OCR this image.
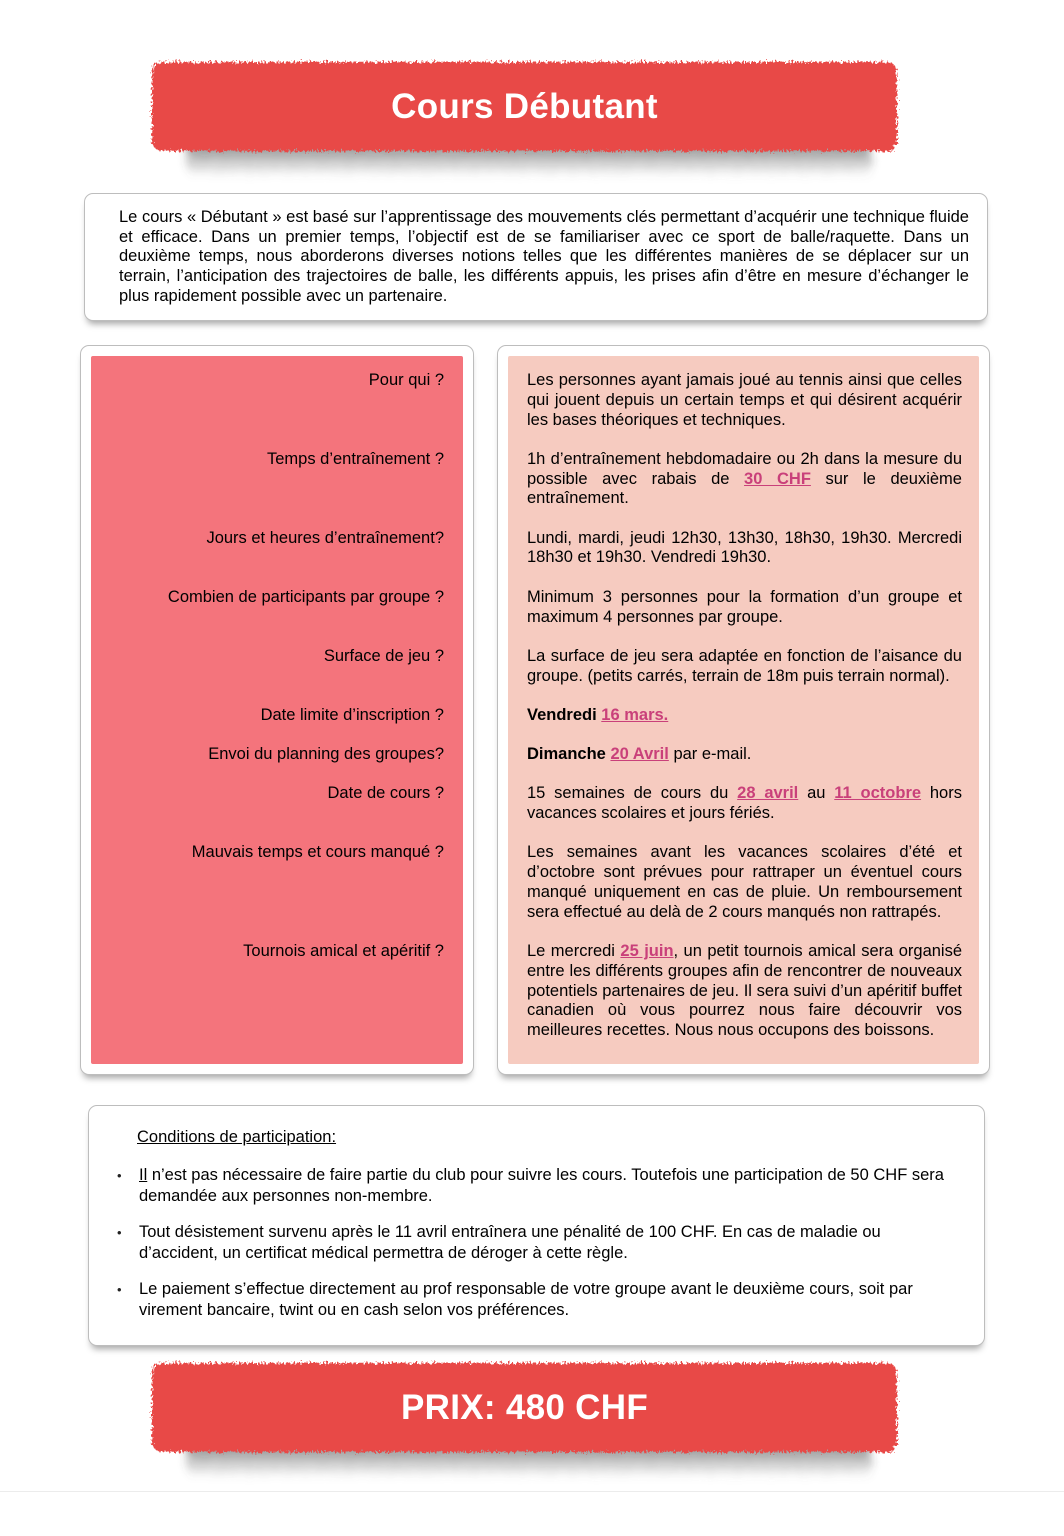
Cours Débutant

Le cours « Débutant » est basé sur l’apprentissage des mouvements clés permettant d’acquérir une technique fluide et efficace. Dans un premier temps, l’objectif est de se familiariser avec ce sport de balle/raquette. Dans un deuxième temps, nous aborderons diverses notions telles que les différentes manières de se déplacer sur un terrain, l’anticipation des trajectoires de balle, les différents appuis, les prises afin d’être en mesure d’échanger le plus rapidement possible avec un partenaire.

Pour qui ?	Les personnes ayant jamais joué au tennis ainsi que celles qui jouent depuis un certain temps et qui désirent acquérir les bases théoriques et techniques.
Temps d’entraînement ?	1h d’entraînement hebdomadaire ou 2h dans la mesure du possible avec rabais de 30 CHF sur le deuxième entraînement.
Jours et heures d’entraînement?	Lundi, mardi, jeudi 12h30, 13h30, 18h30, 19h30. Mercredi 18h30 et 19h30. Vendredi 19h30.
Combien de participants par groupe ?	Minimum 3 personnes pour la formation d’un groupe et maximum 4 personnes par groupe.
Surface de jeu ?	La surface de jeu sera adaptée en fonction de l’aisance du groupe. (petits carrés, terrain de 18m puis terrain normal).
Date limite d’inscription ?	Vendredi 16 mars.
Envoi du planning des groupes?	Dimanche 20 Avril par e-mail.
Date de cours ?	15 semaines de cours du 28 avril au 11 octobre hors vacances scolaires et jours fériés.
Mauvais temps et cours manqué ?	Les semaines avant les vacances scolaires d’été et d’octobre sont prévues pour rattraper un éventuel cours manqué uniquement en cas de pluie. Un remboursement sera effectué au delà de 2 cours manqués non rattrapés.
Tournois amical et apéritif ?	Le mercredi 25 juin, un petit tournois amical sera organisé entre les différents groupes afin de rencontrer de nouveaux potentiels partenaires de jeu. Il sera suivi d’un apéritif buffet canadien où vous pourrez nous faire découvrir vos meilleures recettes. Nous nous occupons des boissons.
Conditions de participation:
•	Il n’est pas nécessaire de faire partie du club pour suivre les cours. Toutefois une participation de 50 CHF sera demandée aux personnes non-membre.

•	Tout désistement survenu après le 11 avril entraînera une pénalité de 100 CHF. En cas de maladie ou d’accident, un certificat médical permettra de déroger à cette règle.

•	Le paiement s’effectue directement au prof responsable de votre groupe avant le deuxième cours, soit par virement bancaire, twint ou en cash selon vos préférences.

PRIX: 480 CHF
